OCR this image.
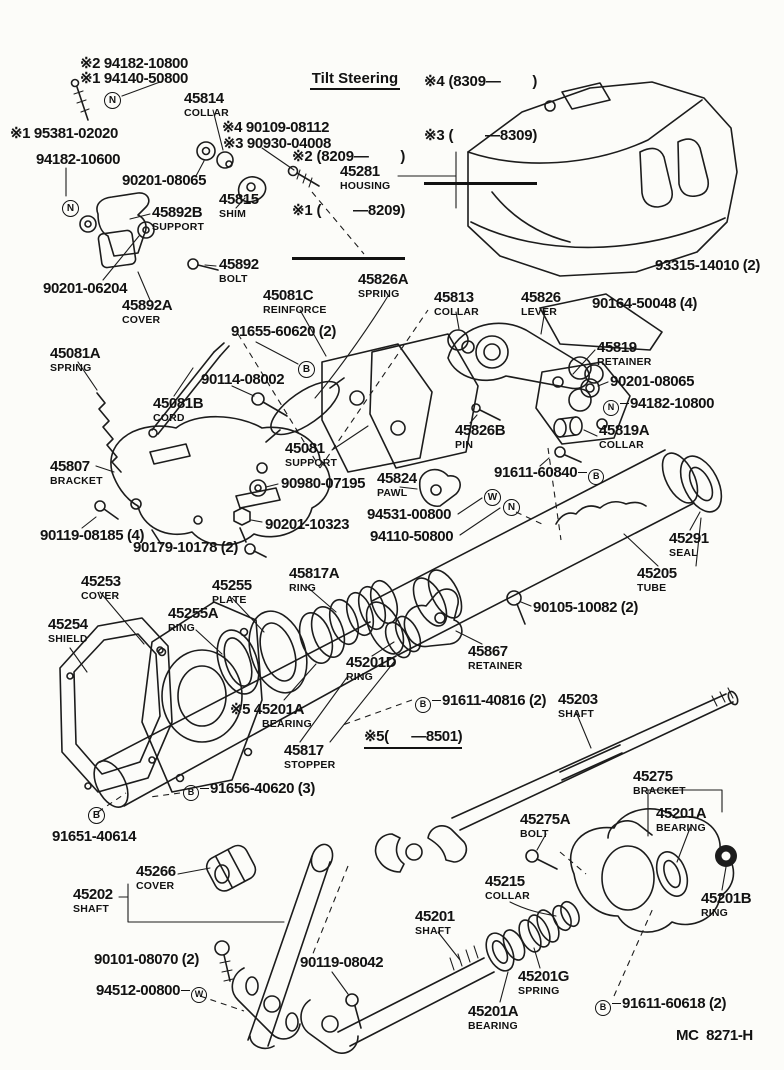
Tilt Steering

※2 (8209—        )

※1 (        —8209)

※4 (8309—        )

※3 (        —8309)

※2 94182-10800
※1 94140-50800
45814
COLLAR
※1 95381-02020
94182-10600
90201-08065
※4 90109-08112
※3 90930-04008
45815
SHIM
45281
HOUSING
45892B
SUPPORT
93315-14010 (2)
90164-50048 (4)
90201-06204
45892
BOLT
45892A
COVER
45081C
REINFORCE
45826A
SPRING	45813
COLLAR
45826
LEVER
91655-60620 (2)
45081A
SPRING
90114-08002
45081B
CORD
45819
RETAINER
90201-08065
N 94182-10800
45826B
PIN
45819A
COLLAR
45081
SUPPORT
45807
BRACKET	90980-07195
91611-60840 B
45824
PAWL
94531-00800
94110-50800
90201-10323
90119-08185 (4)
90179-10178 (2)
45291
SEAL
45205
TUBE
45253
COVER
45255
PLATE
45817A
RING
45255A
RING
45254
SHIELD
90105-10082 (2)
45867
RETAINER
45201D
RING
※5 45201A
BEARING
B 91611-40816 (2) 45203
SHAFT
※5(      —8501)
45817
STOPPER
B 91656-40620 (3)
91651-40614
45266
COVER
45202
SHAFT
45275
BRACKET
45275A
BOLT
45201A
BEARING
45201B
RING
45215
COLLAR
45201
SHAFT
90101-08070 (2)	90119-08042
94512-00800 W
45201G
SPRING
45201A
BEARING
B 91611-60618 (2)
MC  8271-H
N
N
B
W
N
B
